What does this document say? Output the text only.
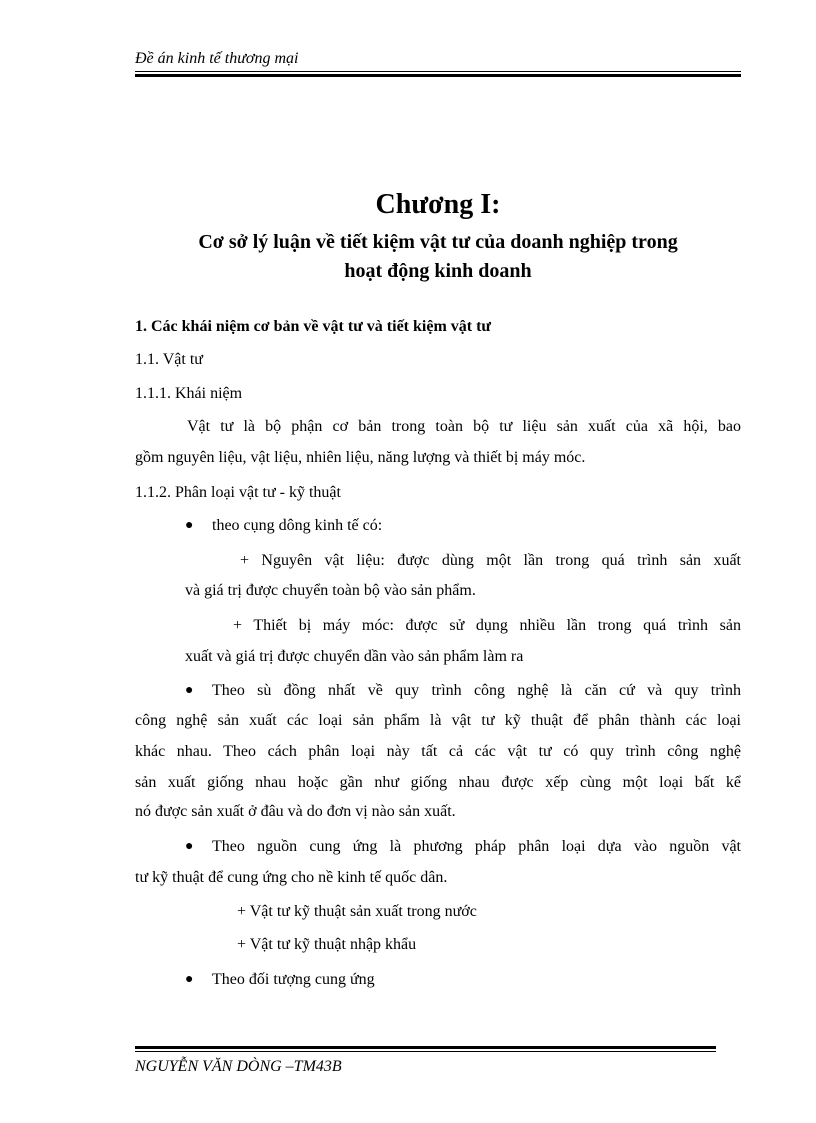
Đề án kinh tế thương mại
Chương I:
Cơ sở lý luận về tiết kiệm vật tư của doanh nghiệp trong
hoạt động kinh doanh
1. Các khái niệm cơ bản về vật tư và tiết kiệm vật tư
1.1. Vật tư
1.1.1. Khái niệm
Vật tư là bộ phận cơ bản trong toàn bộ tư liệu sản xuất của xã hội, bao
gồm nguyên liệu, vật liệu, nhiên liệu, năng lượng và thiết bị máy móc.
1.1.2. Phân loại vật tư - kỹ thuật
● theo cụng dông kinh tế có:
+ Nguyên vật liệu: được dùng một lần trong quá trình sản xuất
và giá trị được chuyển toàn bộ vào sản phẩm.
+ Thiết bị máy móc: được sử dụng nhiều lần trong quá trình sản
xuất và giá trị được chuyển dần vào sản phẩm làm ra
● Theo sù đồng nhất về quy trình công nghệ là căn cứ và quy trình
công nghệ sản xuất các loại sản phẩm là vật tư kỹ thuật để phân thành các loại
khác nhau. Theo cách phân loại này tất cả các vật tư có quy trình công nghệ
sản xuất giống nhau hoặc gần như giống nhau được xếp cùng một loại bất kể
nó được sản xuất ở đâu và do đơn vị nào sản xuất.
● Theo nguồn cung ứng là phương pháp phân loại dựa vào nguồn vật
tư kỹ thuật để cung ứng cho nề kinh tế quốc dân.
+ Vật tư kỹ thuật sản xuất trong nước
+ Vật tư kỹ thuật nhập khẩu
● Theo đối tượng cung ứng
NGUYỄN VĂN DÒNG –TM43B
